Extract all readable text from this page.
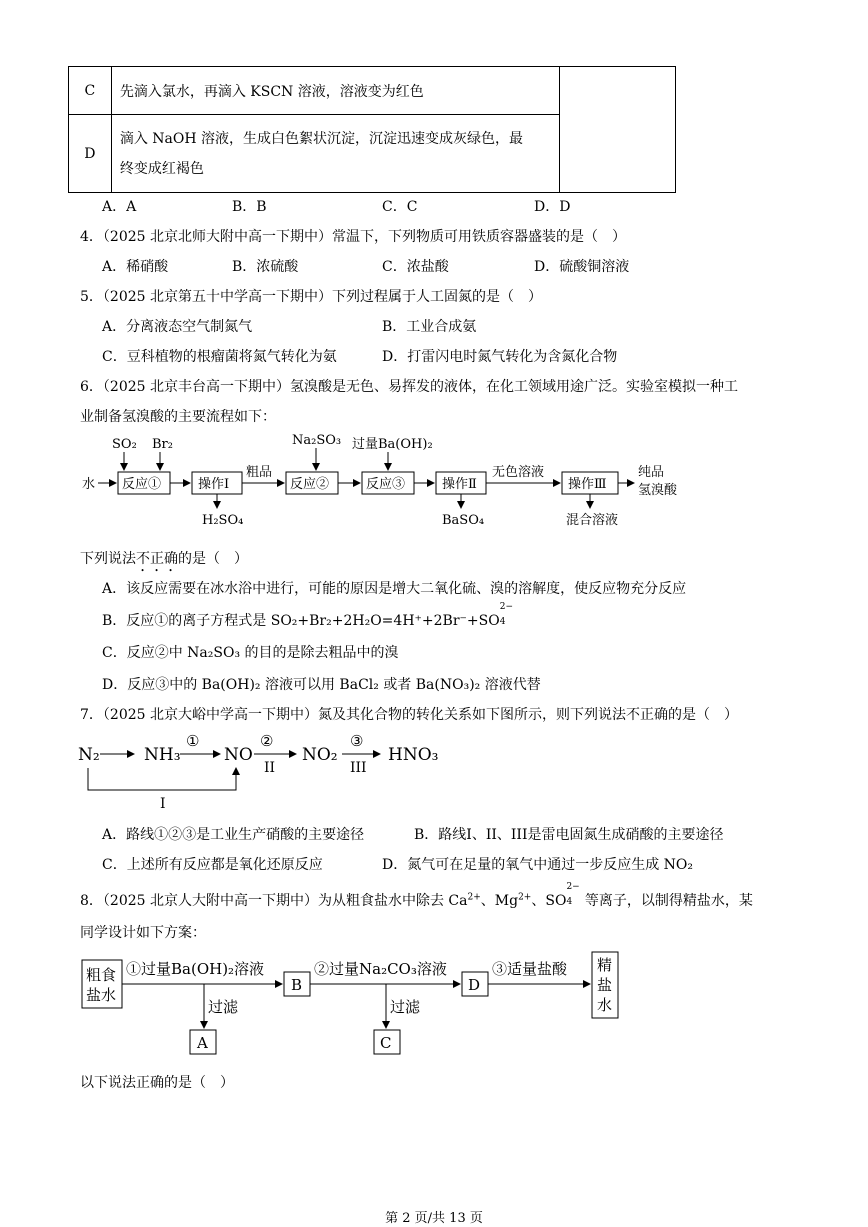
C	先滴入氯水，再滴入 KSCN 溶液，溶液变为红色	
D	滴入 NaOH 溶液，生成白色絮状沉淀，沉淀迅速变成灰绿色，最
终变成红褐色	
A．A	B．B	C．C	D．D
4．（2025 北京北师大附中高一下期中）常温下，下列物质可用铁质容器盛装的是（　）
A．稀硝酸	B．浓硫酸	C．浓盐酸	D．硫酸铜溶液
5．（2025 北京第五十中学高一下期中）下列过程属于人工固氮的是（　）
A．分离液态空气制氮气	B．工业合成氨
C．豆科植物的根瘤菌将氮气转化为氨	D．打雷闪电时氮气转化为含氮化合物
6．（2025 北京丰台高一下期中）氢溴酸是无色、易挥发的液体，在化工领域用途广泛。实验室模拟一种工
业制备氢溴酸的主要流程如下：
水 反应①
SO₂ Br₂
操作Ⅰ
H₂SO₄
粗品
反应②
Na₂SO₃
反应③
过量Ba(OH)₂
操作Ⅱ
BaSO₄
无色溶液
操作Ⅲ
混合溶液
纯品
氢溴酸
下列说法不正确的是（　）
A．该反应需要在冰水浴中进行，可能的原因是增大二氧化硫、溴的溶解度，使反应物充分反应
B．反应①的离子方程式是 SO₂+Br₂+2H₂O=4H⁺+2Br⁻+SO
2−
4
C．反应②中 Na₂SO₃ 的目的是除去粗品中的溴
D．反应③中的 Ba(OH)₂ 溶液可以用 BaCl₂ 或者 Ba(NO₃)₂ 溶液代替
7．（2025 北京大峪中学高一下期中）氮及其化合物的转化关系如下图所示，则下列说法不正确的是（　）
N₂	NH₃
①
NO
②
II
NO₂
③
III
HNO₃
I
A．路线①②③是工业生产硝酸的主要途径	B．路线I、II、III是雷电固氮生成硝酸的主要途径
C．上述所有反应都是氧化还原反应	D．氮气可在足量的氧气中通过一步反应生成 NO₂
8．（2025 北京人大附中高一下期中）为从粗食盐水中除去 $Ca^{2+}$、$Mg^{2+}$、SO
2−
4 等离子，以制得精盐水，某
同学设计如下方案：
粗食
盐水
①过量Ba(OH)₂溶液
过滤
A
B
②过量Na₂CO₃溶液
过滤
C
D
③适量盐酸 精
盐
水
以下说法正确的是（　）
第 2 页/共 13 页
